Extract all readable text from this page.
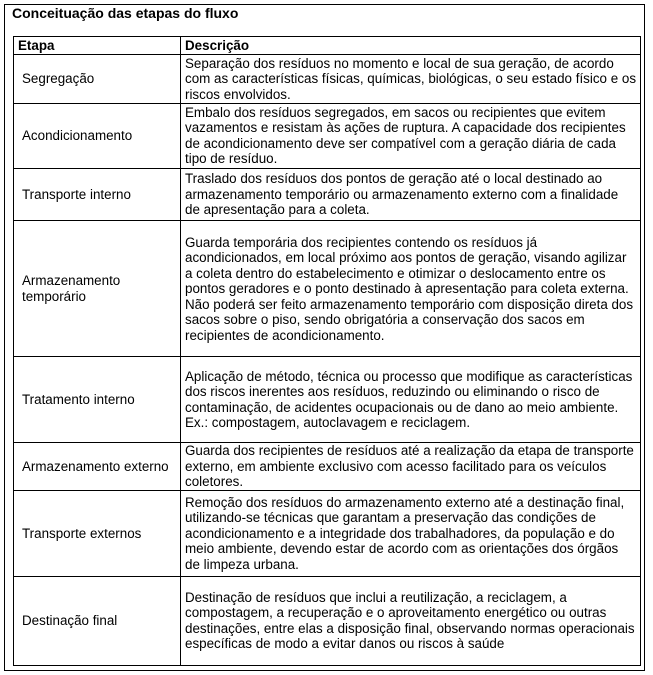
Conceituação das etapas do fluxo
Etapa	Descrição
Segregação	Separação dos resíduos no momento e local de sua geração, de acordo com as características físicas, químicas, biológicas, o seu estado físico e os riscos envolvidos.
Acondicionamento	Embalo dos resíduos segregados, em sacos ou recipientes que evitem vazamentos e resistam às ações de ruptura. A capacidade dos recipientes de acondicionamento deve ser compatível com a geração diária de cada tipo de resíduo.
Transporte interno	Traslado dos resíduos dos pontos de geração até o local destinado ao armazenamento temporário ou armazenamento externo com a finalidade de apresentação para a coleta.
Armazenamento temporário	Guarda temporária dos recipientes contendo os resíduos já acondicionados, em local próximo aos pontos de geração, visando agilizar a coleta dentro do estabelecimento e otimizar o deslocamento entre os pontos geradores e o ponto destinado à apresentação para coleta externa. Não poderá ser feito armazenamento temporário com disposição direta dos sacos sobre o piso, sendo obrigatória a conservação dos sacos em recipientes de acondicionamento.
Tratamento interno	Aplicação de método, técnica ou processo que modifique as características dos riscos inerentes aos resíduos, reduzindo ou eliminando o risco de contaminação, de acidentes ocupacionais ou de dano ao meio ambiente. Ex.: compostagem, autoclavagem e reciclagem.
Armazenamento externo	Guarda dos recipientes de resíduos até a realização da etapa de transporte externo, em ambiente exclusivo com acesso facilitado para os veículos coletores.
Transporte externos	Remoção dos resíduos do armazenamento externo até a destinação final, utilizando-se técnicas que garantam a preservação das condições de acondicionamento e a integridade dos trabalhadores, da população e do meio ambiente, devendo estar de acordo com as orientações dos órgãos de limpeza urbana.
Destinação final	Destinação de resíduos que inclui a reutilização, a reciclagem, a compostagem, a recuperação e o aproveitamento energético ou outras destinações, entre elas a disposição final, observando normas operacionais específicas de modo a evitar danos ou riscos à saúde
